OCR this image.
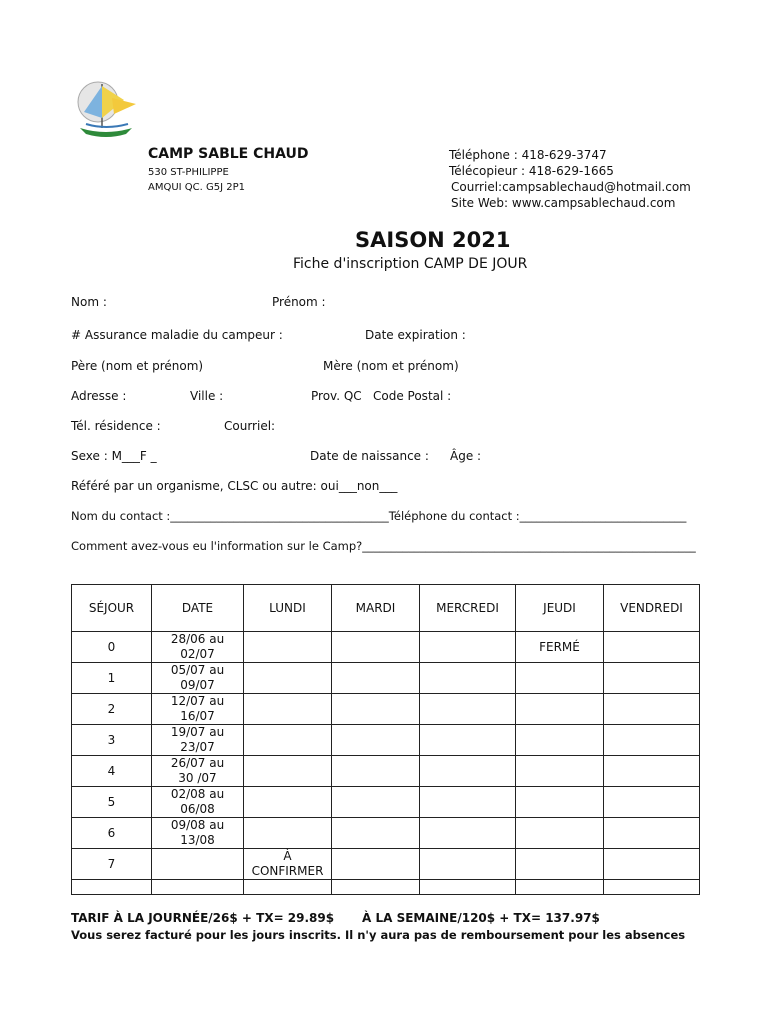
CAMP SABLE CHAUD
530 ST-PHILIPPE
AMQUI QC. G5J 2P1
Téléphone : 418-629-3747
Télécopieur : 418-629-1665
Courriel:campsablechaud@hotmail.com
Site Web: www.campsablechaud.com
SAISON 2021
Fiche d'inscription CAMP DE JOUR
Nom :	Prénom :
# Assurance maladie du campeur :	Date expiration :
Père (nom et prénom)	Mère (nom et prénom)
Adresse :	Ville :	Prov. QC Code Postal :
Tél. résidence :	Courriel:
Sexe : M___F _	Date de naissance : Âge :
Référé par un organisme, CLSC ou autre: oui___non___
Nom du contact :______________________________________Téléphone du contact :_____________________________
Comment avez-vous eu l'information sur le Camp?__________________________________________________________
SÉJOUR	DATE	LUNDI	MARDI	MERCREDI	JEUDI	VENDREDI
0	28/06 au
02/07				FERMÉ	
1	05/07 au
09/07					
2	12/07 au
16/07					
3	19/07 au
23/07					
4	26/07 au
30 /07					
5	02/08 au
06/08					
6	09/08 au
13/08					
7		À
CONFIRMER				

TARIF À LA JOURNÉE/26$ + TX= 29.89$ À LA SEMAINE/120$ + TX= 137.97$
Vous serez facturé pour les jours inscrits. Il n'y aura pas de remboursement pour les absences
